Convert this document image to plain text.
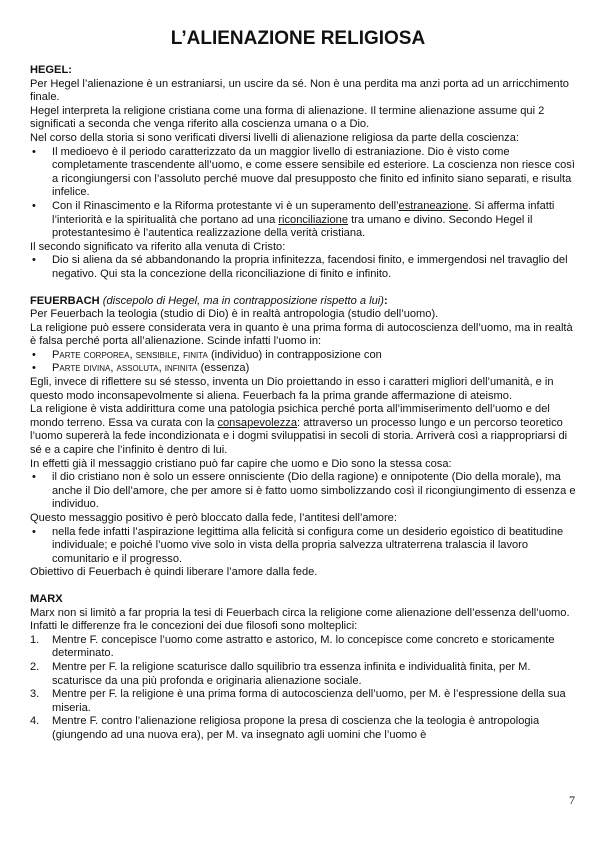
L’ALIENAZIONE RELIGIOSA

HEGEL:

Per Hegel l’alienazione è un estraniarsi, un uscire da sé. Non è una perdita ma anzi porta ad un arricchimento finale.

Hegel interpreta la religione cristiana come una forma di alienazione. Il termine alienazione assume qui 2 significati a seconda che venga riferito alla coscienza umana o a Dio.

Nel corso della storia si sono verificati diversi livelli di alienazione religiosa da parte della coscienza:

• Il medioevo è il periodo caratterizzato da un maggior livello di estraniazione. Dio è visto come completamente trascendente all’uomo, e come essere sensibile ed esteriore. La coscienza non riesce così a ricongiungersi con l’assoluto perché muove dal presupposto che finito ed infinito siano separati, e risulta infelice.
• Con il Rinascimento e la Riforma protestante vi è un superamento dell’estraneazione. Si afferma infatti l’interiorità e la spiritualità che portano ad una riconciliazione tra umano e divino. Secondo Hegel il protestantesimo è l’autentica realizzazione della verità cristiana.

Il secondo significato va riferito alla venuta di Cristo:

• Dio si aliena da sé abbandonando la propria infinitezza, facendosi finito, e immergendosi nel travaglio del negativo. Qui sta la concezione della riconciliazione di finito e infinito.

FEUERBACH (discepolo di Hegel, ma in contrapposizione rispetto a lui):

Per Feuerbach la teologia (studio di Dio) è in realtà antropologia (studio dell’uomo).

La religione può essere considerata vera in quanto è una prima forma di autocoscienza dell’uomo, ma in realtà è falsa perché porta all’alienazione. Scinde infatti l’uomo in:

• Parte corporea, sensibile, finita (individuo) in contrapposizione con
• Parte divina, assoluta, infinita (essenza)

Egli, invece di riflettere su sé stesso, inventa un Dio proiettando in esso i caratteri migliori dell’umanità, e in questo modo inconsapevolmente si aliena. Feuerbach fa la prima grande affermazione di ateismo.

La religione è vista addirittura come una patologia psichica perché porta all’immiserimento dell’uomo e del mondo terreno. Essa va curata con la consapevolezza: attraverso un processo lungo e un percorso teoretico l’uomo supererà la fede incondizionata e i dogmi sviluppatisi in secoli di storia. Arriverà così a riappropriarsi di sé e a capire che l’infinito è dentro di lui.

In effetti già il messaggio cristiano può far capire che uomo e Dio sono la stessa cosa:

• il dio cristiano non è solo un essere onnisciente (Dio della ragione) e onnipotente (Dio della morale), ma anche il Dio dell’amore, che per amore si è fatto uomo simbolizzando così il ricongiungimento di essenza e individuo.

Questo messaggio positivo è però bloccato dalla fede, l’antitesi dell’amore:

• nella fede infatti l’aspirazione legittima alla felicità si configura come un desiderio egoistico di beatitudine individuale; e poiché l’uomo vive solo in vista della propria salvezza ultraterrena tralascia il lavoro comunitario e il progresso.

Obiettivo di Feuerbach è quindi liberare l’amore dalla fede.

MARX

Marx non si limitò a far propria la tesi di Feuerbach circa la religione come alienazione dell’essenza dell’uomo. Infatti le differenze fra le concezioni dei due filosofi sono molteplici:

1. Mentre F. concepisce l’uomo come astratto e astorico, M. lo concepisce come concreto e storicamente determinato.
2. Mentre per F. la religione scaturisce dallo squilibrio tra essenza infinita e individualità finita, per M. scaturisce da una più profonda e originaria alienazione sociale.
3. Mentre per F. la religione è una prima forma di autocoscienza dell’uomo, per M. è l’espressione della sua miseria.
4. Mentre F. contro l’alienazione religiosa propone la presa di coscienza che la teologia è antropologia (giungendo ad una nuova era), per M. va insegnato agli uomini che l’uomo è
7
